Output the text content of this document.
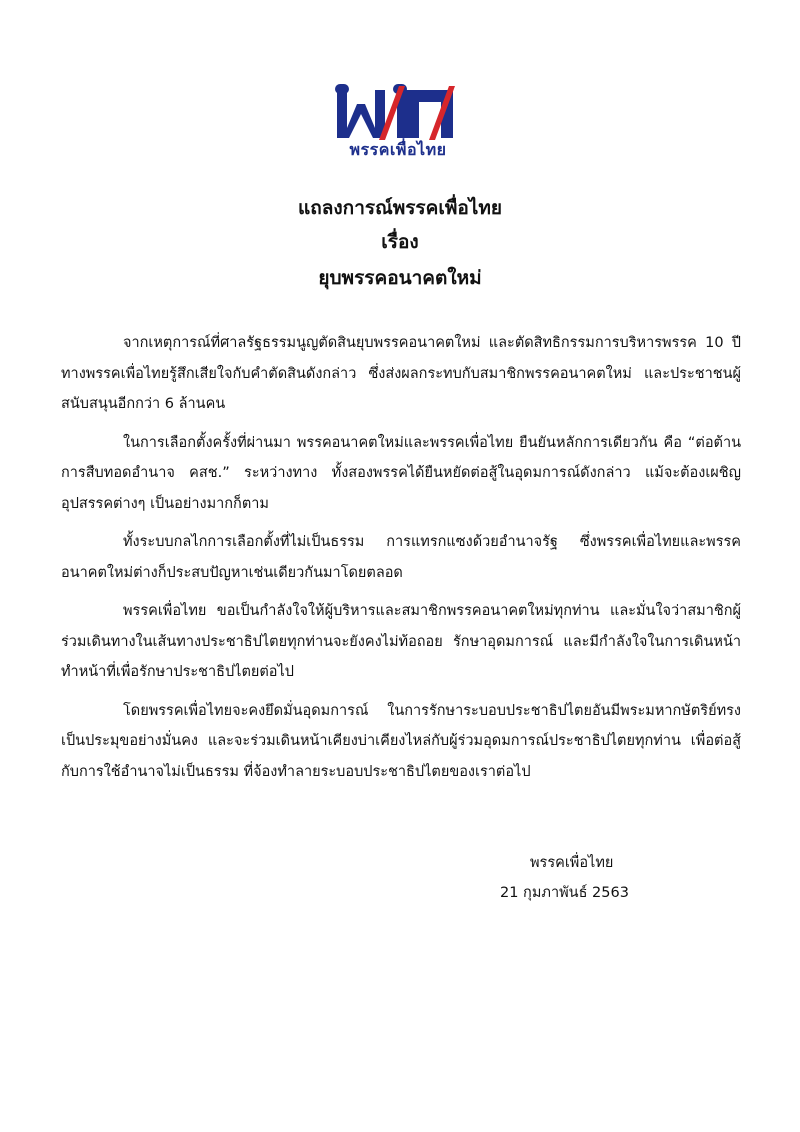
พรรคเพื่อไทย
แถลงการณ์พรรคเพื่อไทย
เรื่อง
ยุบพรรคอนาคตใหม่

จากเหตุการณ์ที่ศาลรัฐธรรมนูญตัดสินยุบพรรคอนาคตใหม่ และตัดสิทธิกรรมการบริหารพรรค 10 ปี ทางพรรคเพื่อไทยรู้สึกเสียใจกับคำตัดสินดังกล่าว ซึ่งส่งผลกระทบกับสมาชิกพรรคอนาคตใหม่ และประชาชนผู้สนับสนุนอีกกว่า 6 ล้านคน

ในการเลือกตั้งครั้งที่ผ่านมา พรรคอนาคตใหม่และพรรคเพื่อไทย ยืนยันหลักการเดียวกัน คือ “ต่อต้านการสืบทอดอำนาจ คสช.” ระหว่างทาง ทั้งสองพรรคได้ยืนหยัดต่อสู้ในอุดมการณ์ดังกล่าว แม้จะต้องเผชิญอุปสรรคต่างๆ เป็นอย่างมากก็ตาม

ทั้งระบบกลไกการเลือกตั้งที่ไม่เป็นธรรม การแทรกแซงด้วยอำนาจรัฐ ซึ่งพรรคเพื่อไทยและพรรคอนาคตใหม่ต่างก็ประสบปัญหาเช่นเดียวกันมาโดยตลอด

พรรคเพื่อไทย ขอเป็นกำลังใจให้ผู้บริหารและสมาชิกพรรคอนาคตใหม่ทุกท่าน และมั่นใจว่าสมาชิกผู้ร่วมเดินทางในเส้นทางประชาธิปไตยทุกท่านจะยังคงไม่ท้อถอย รักษาอุดมการณ์ และมีกำลังใจในการเดินหน้าทำหน้าที่เพื่อรักษาประชาธิปไตยต่อไป

โดยพรรคเพื่อไทยจะคงยึดมั่นอุดมการณ์ ในการรักษาระบอบประชาธิปไตยอันมีพระมหากษัตริย์ทรงเป็นประมุขอย่างมั่นคง และจะร่วมเดินหน้าเคียงบ่าเคียงไหล่กับผู้ร่วมอุดมการณ์ประชาธิปไตยทุกท่าน เพื่อต่อสู้กับการใช้อำนาจไม่เป็นธรรม ที่จ้องทำลายระบอบประชาธิปไตยของเราต่อไป

พรรคเพื่อไทย
21 กุมภาพันธ์ 2563
